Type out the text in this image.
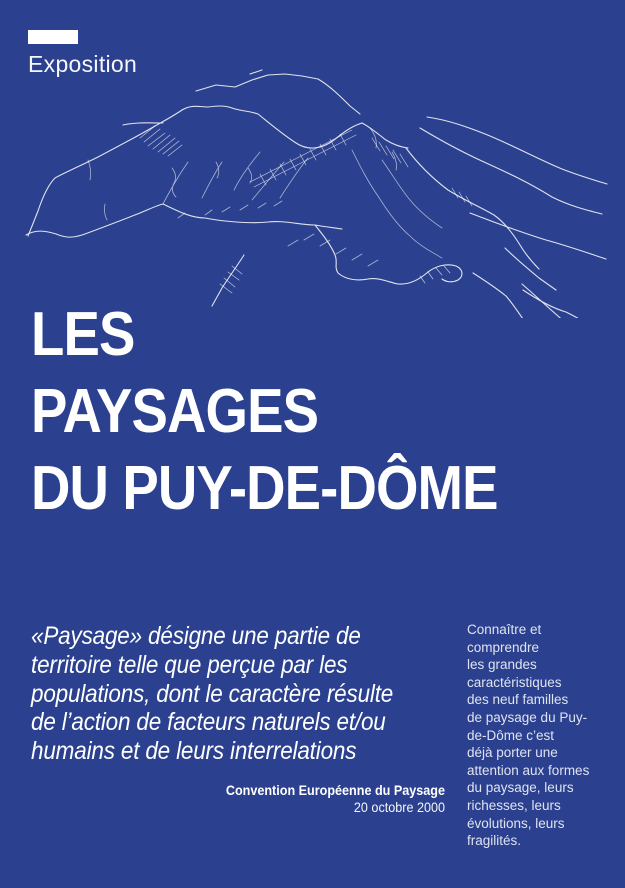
Exposition
LES
PAYSAGES
DU PUY-DE-DÔME
«Paysage» désigne une partie de
territoire telle que perçue par les
populations, dont le caractère résulte
de l’action de facteurs naturels et/ou
humains et de leurs interrelations
Convention Européenne du Paysage
20 octobre 2000
Connaître et
comprendre
les grandes
caractéristiques
des neuf familles
de paysage du Puy-
de-Dôme c’est
déjà porter une
attention aux formes
du paysage, leurs
richesses, leurs
évolutions, leurs
fragilités.
